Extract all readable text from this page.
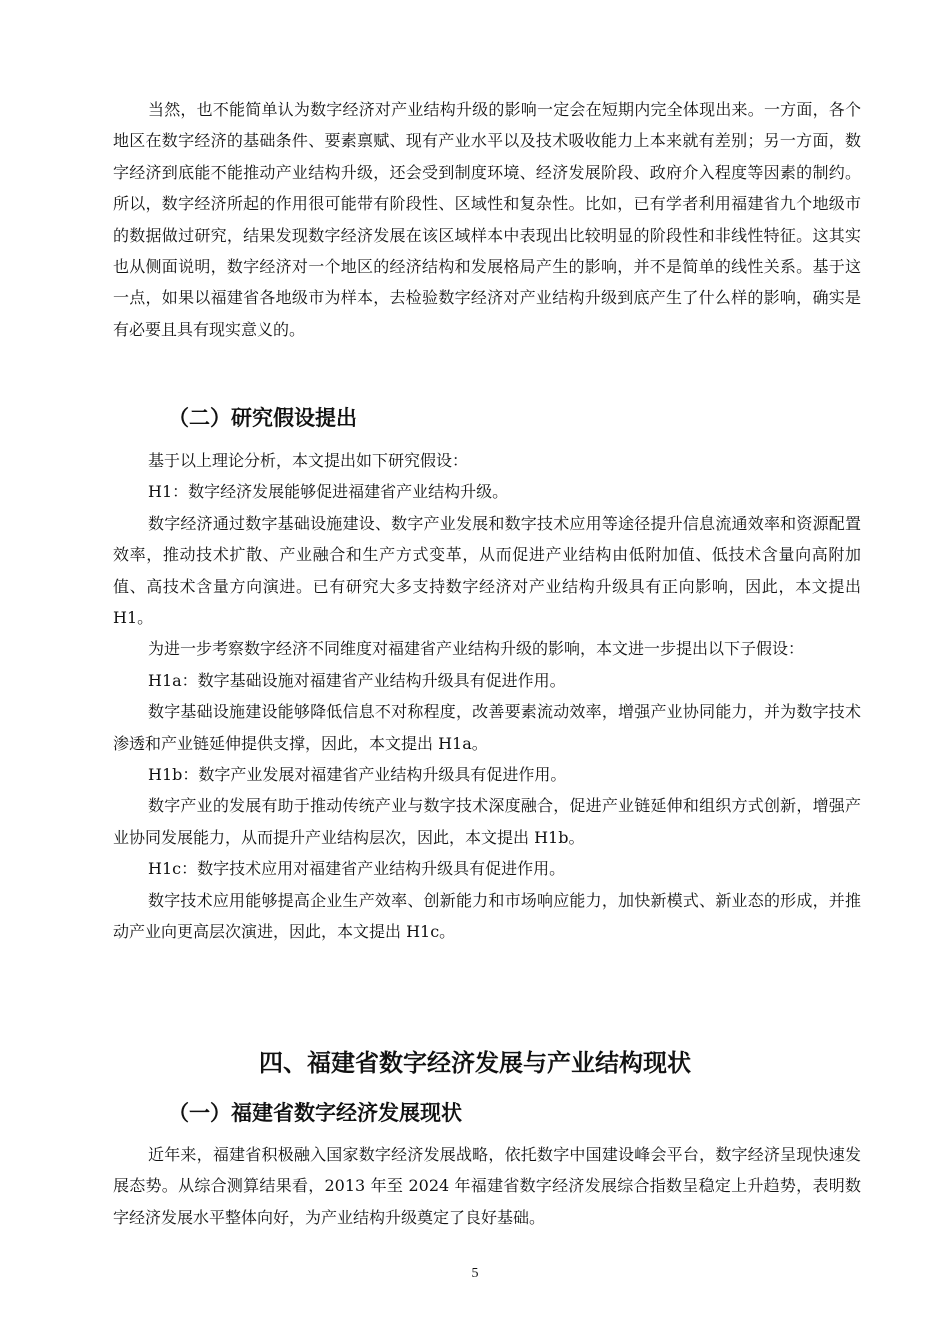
当然，也不能简单认为数字经济对产业结构升级的影响一定会在短期内完全体现出来。一方面，各个地区在数字经济的基础条件、要素禀赋、现有产业水平以及技术吸收能力上本来就有差别；另一方面，数字经济到底能不能推动产业结构升级，还会受到制度环境、经济发展阶段、政府介入程度等因素的制约。所以，数字经济所起的作用很可能带有阶段性、区域性和复杂性。比如，已有学者利用福建省九个地级市的数据做过研究，结果发现数字经济发展在该区域样本中表现出比较明显的阶段性和非线性特征。这其实也从侧面说明，数字经济对一个地区的经济结构和发展格局产生的影响，并不是简单的线性关系。基于这一点，如果以福建省各地级市为样本，去检验数字经济对产业结构升级到底产生了什么样的影响，确实是有必要且具有现实意义的。

（二）研究假设提出

基于以上理论分析，本文提出如下研究假设：

H1：数字经济发展能够促进福建省产业结构升级。

数字经济通过数字基础设施建设、数字产业发展和数字技术应用等途径提升信息流通效率和资源配置效率，推动技术扩散、产业融合和生产方式变革，从而促进产业结构由低附加值、低技术含量向高附加值、高技术含量方向演进。已有研究大多支持数字经济对产业结构升级具有正向影响，因此，本文提出 H1。

为进一步考察数字经济不同维度对福建省产业结构升级的影响，本文进一步提出以下子假设：

H1a：数字基础设施对福建省产业结构升级具有促进作用。

数字基础设施建设能够降低信息不对称程度，改善要素流动效率，增强产业协同能力，并为数字技术渗透和产业链延伸提供支撑，因此，本文提出 H1a。

H1b：数字产业发展对福建省产业结构升级具有促进作用。

数字产业的发展有助于推动传统产业与数字技术深度融合，促进产业链延伸和组织方式创新，增强产业协同发展能力，从而提升产业结构层次，因此，本文提出 H1b。

H1c：数字技术应用对福建省产业结构升级具有促进作用。

数字技术应用能够提高企业生产效率、创新能力和市场响应能力，加快新模式、新业态的形成，并推动产业向更高层次演进，因此，本文提出 H1c。

四、福建省数字经济发展与产业结构现状
（一）福建省数字经济发展现状

近年来，福建省积极融入国家数字经济发展战略，依托数字中国建设峰会平台，数字经济呈现快速发展态势。从综合测算结果看，2013 年至 2024 年福建省数字经济发展综合指数呈稳定上升趋势，表明数字经济发展水平整体向好，为产业结构升级奠定了良好基础。

5
